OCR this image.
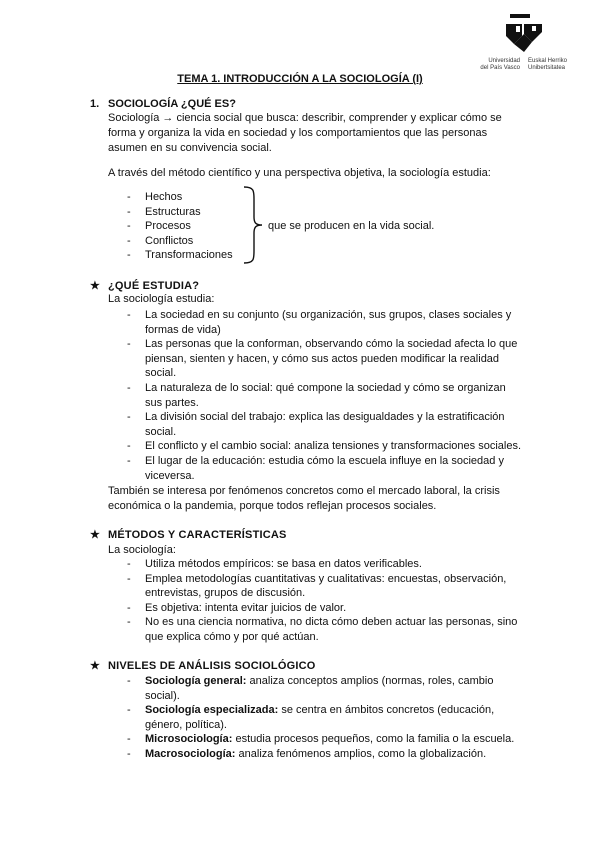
Universidad
del País Vasco
Euskal Herriko
Unibertsitatea
TEMA 1. INTRODUCCIÓN A LA SOCIOLOGÍA (I)
1. SOCIOLOGÍA ¿QUÉ ES?
Sociología → ciencia social que busca: describir, comprender y explicar cómo se
forma y organiza la vida en sociedad y los comportamientos que las personas
asumen en su convivencia social.
A través del método científico y una perspectiva objetiva, la sociología estudia:
- Hechos
- Estructuras
- Procesos
- Conflictos
- Transformaciones
que se producen en la vida social.
★ ¿QUÉ ESTUDIA?
La sociología estudia:
- La sociedad en su conjunto (su organización, sus grupos, clases sociales y
formas de vida)
- Las personas que la conforman, observando cómo la sociedad afecta lo que
piensan, sienten y hacen, y cómo sus actos pueden modificar la realidad
social.
- La naturaleza de lo social: qué compone la sociedad y cómo se organizan
sus partes.
- La división social del trabajo: explica las desigualdades y la estratificación
social.
- El conflicto y el cambio social: analiza tensiones y transformaciones sociales.
- El lugar de la educación: estudia cómo la escuela influye en la sociedad y
viceversa.
También se interesa por fenómenos concretos como el mercado laboral, la crisis
económica o la pandemia, porque todos reflejan procesos sociales.
★ MÉTODOS Y CARACTERÍSTICAS
La sociología:
- Utiliza métodos empíricos: se basa en datos verificables.
- Emplea metodologías cuantitativas y cualitativas: encuestas, observación,
entrevistas, grupos de discusión.
- Es objetiva: intenta evitar juicios de valor.
- No es una ciencia normativa, no dicta cómo deben actuar las personas, sino
que explica cómo y por qué actúan.
★ NIVELES DE ANÁLISIS SOCIOLÓGICO
- Sociología general: analiza conceptos amplios (normas, roles, cambio
social).
- Sociología especializada: se centra en ámbitos concretos (educación,
género, política).
- Microsociología: estudia procesos pequeños, como la familia o la escuela.
- Macrosociología: analiza fenómenos amplios, como la globalización.
